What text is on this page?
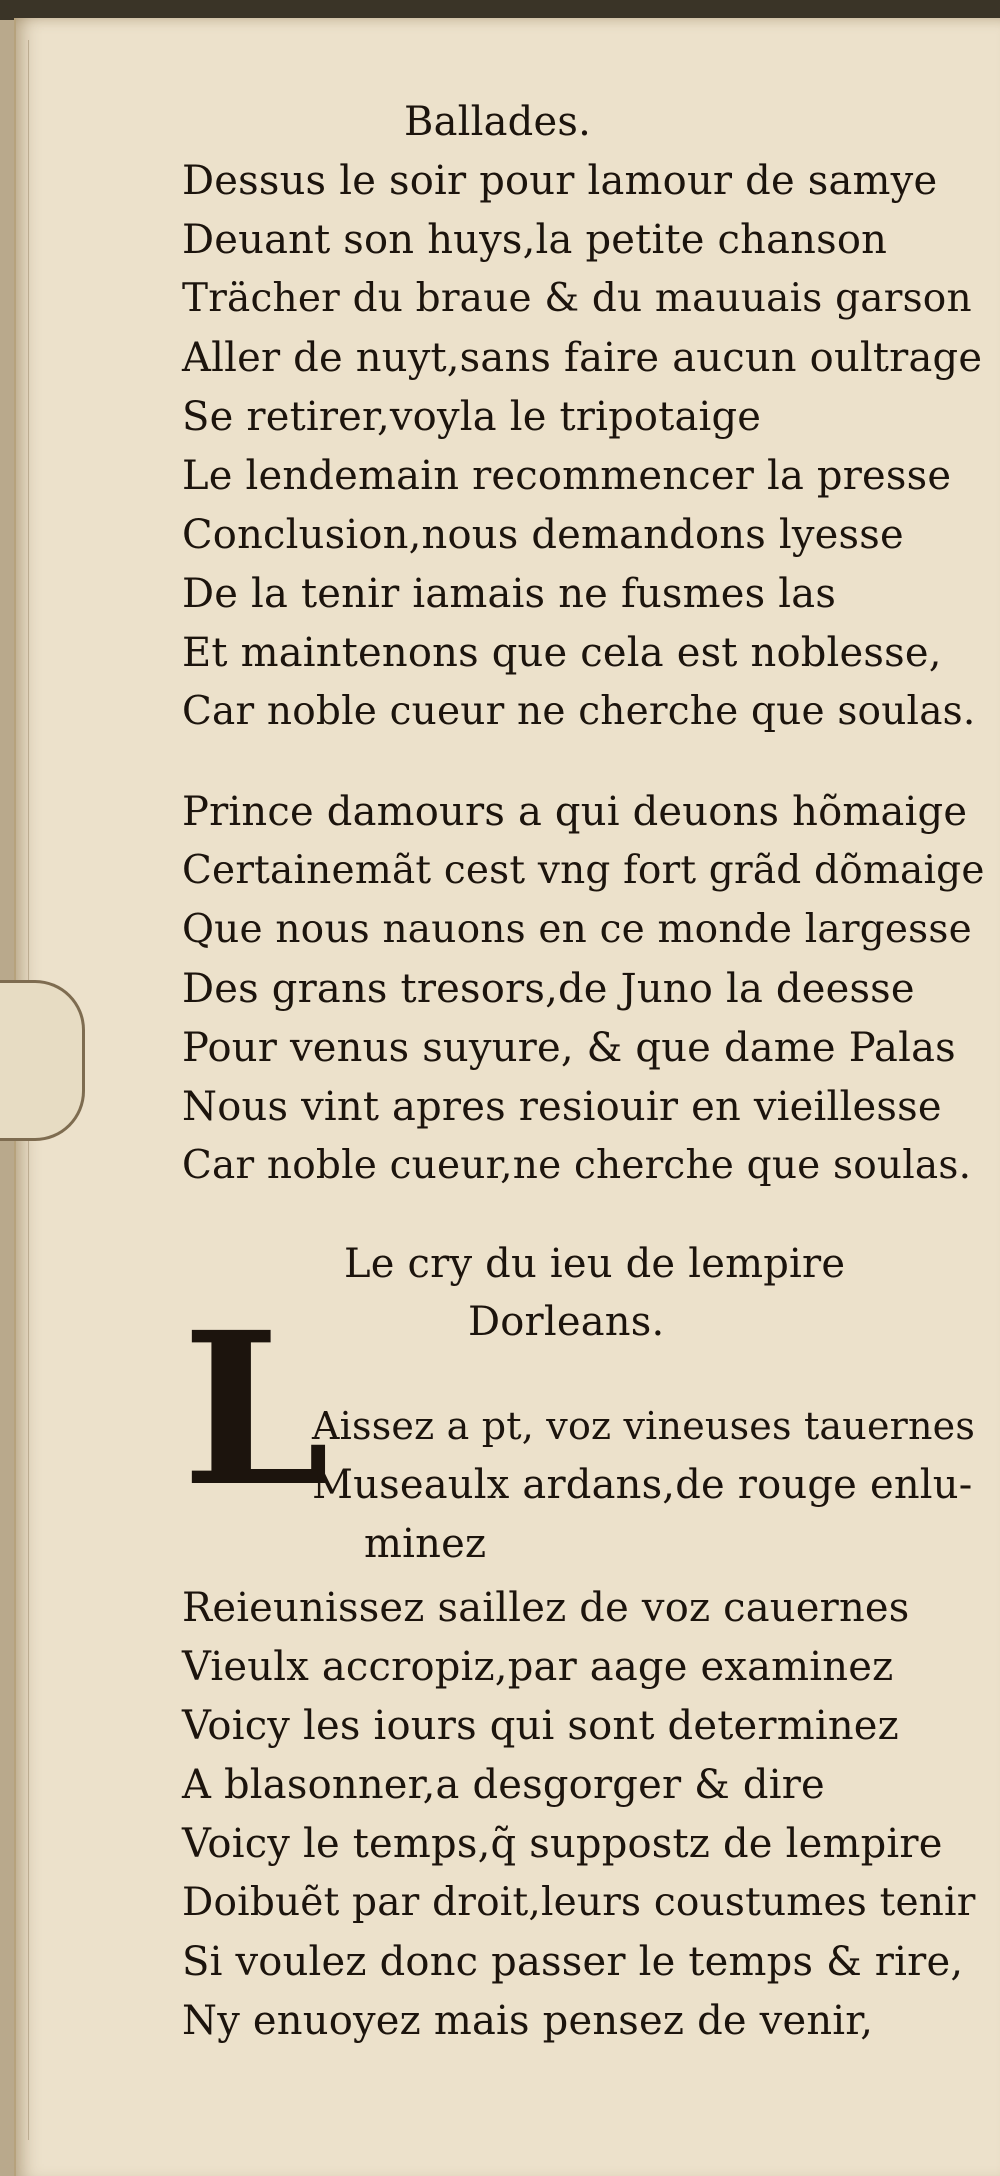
Ballades.
Dessus le soir pour lamour de samye
Deuant son huys,la petite chanson
Trächer du braue & du mauuais garson
Aller de nuyt,sans faire aucun oultrage
Se retirer,voyla le tripotaige
Le lendemain recommencer la presse
Conclusion,nous demandons lyesse
De la tenir iamais ne fusmes las
Et maintenons que cela est noblesse,
Car noble cueur ne cherche que soulas.
Prince damours a qui deuons hõmaige
Certainemãt cest vng fort grãd dõmaige
Que nous nauons en ce monde largesse
Des grans tresors,de Juno la deesse
Pour venus suyure, & que dame Palas
Nous vint apres resiouir en vieillesse
Car noble cueur,ne cherche que soulas.
Le cry du ieu de lempire
Dorleans.
L
Aissez a pt, voz vineuses tauernes
Museaulx ardans,de rouge enlu-
minez
Reieunissez saillez de voz cauernes
Vieulx accropiz,par aage examinez
Voicy les iours qui sont determinez
A blasonner,a desgorger & dire
Voicy le temps,q̃ suppostz de lempire
Doibuẽt par droit,leurs coustumes tenir
Si voulez donc passer le temps & rire,
Ny enuoyez mais pensez de venir,
